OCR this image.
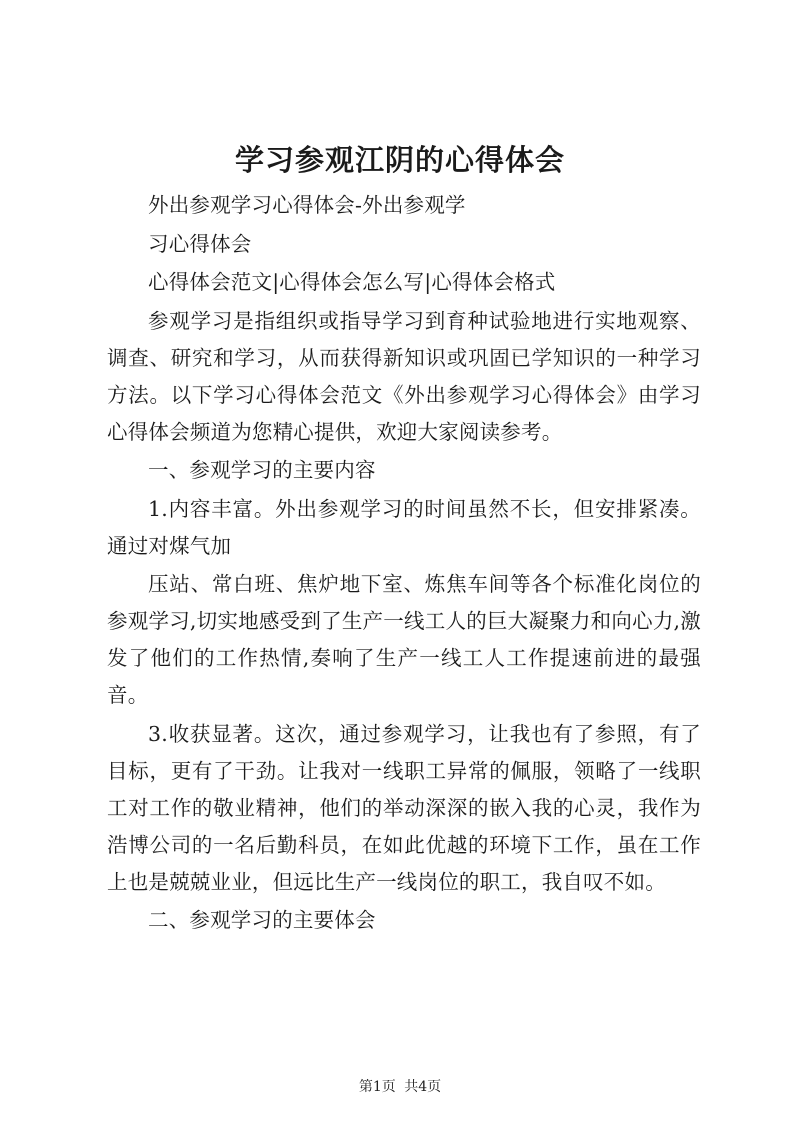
学习参观江阴的心得体会

外出参观学习心得体会-外出参观学

习心得体会

心得体会范文|心得体会怎么写|心得体会格式

参观学习是指组织或指导学习到育种试验地进行实地观察、调查、研究和学习，从而获得新知识或巩固已学知识的一种学习方法。以下学习心得体会范文《外出参观学习心得体会》由学习心得体会频道为您精心提供，欢迎大家阅读参考。

一、参观学习的主要内容

1.内容丰富。外出参观学习的时间虽然不长，但安排紧凑。通过对煤气加

压站、常白班、焦炉地下室、炼焦车间等各个标准化岗位的参观学习,切实地感受到了生产一线工人的巨大凝聚力和向心力,激发了他们的工作热情,奏响了生产一线工人工作提速前进的最强音。

3.收获显著。这次，通过参观学习，让我也有了参照，有了目标，更有了干劲。让我对一线职工异常的佩服，领略了一线职工对工作的敬业精神，他们的举动深深的嵌入我的心灵，我作为浩博公司的一名后勤科员，在如此优越的环境下工作，虽在工作上也是兢兢业业，但远比生产一线岗位的职工，我自叹不如。

二、参观学习的主要体会

第1页 共4页
